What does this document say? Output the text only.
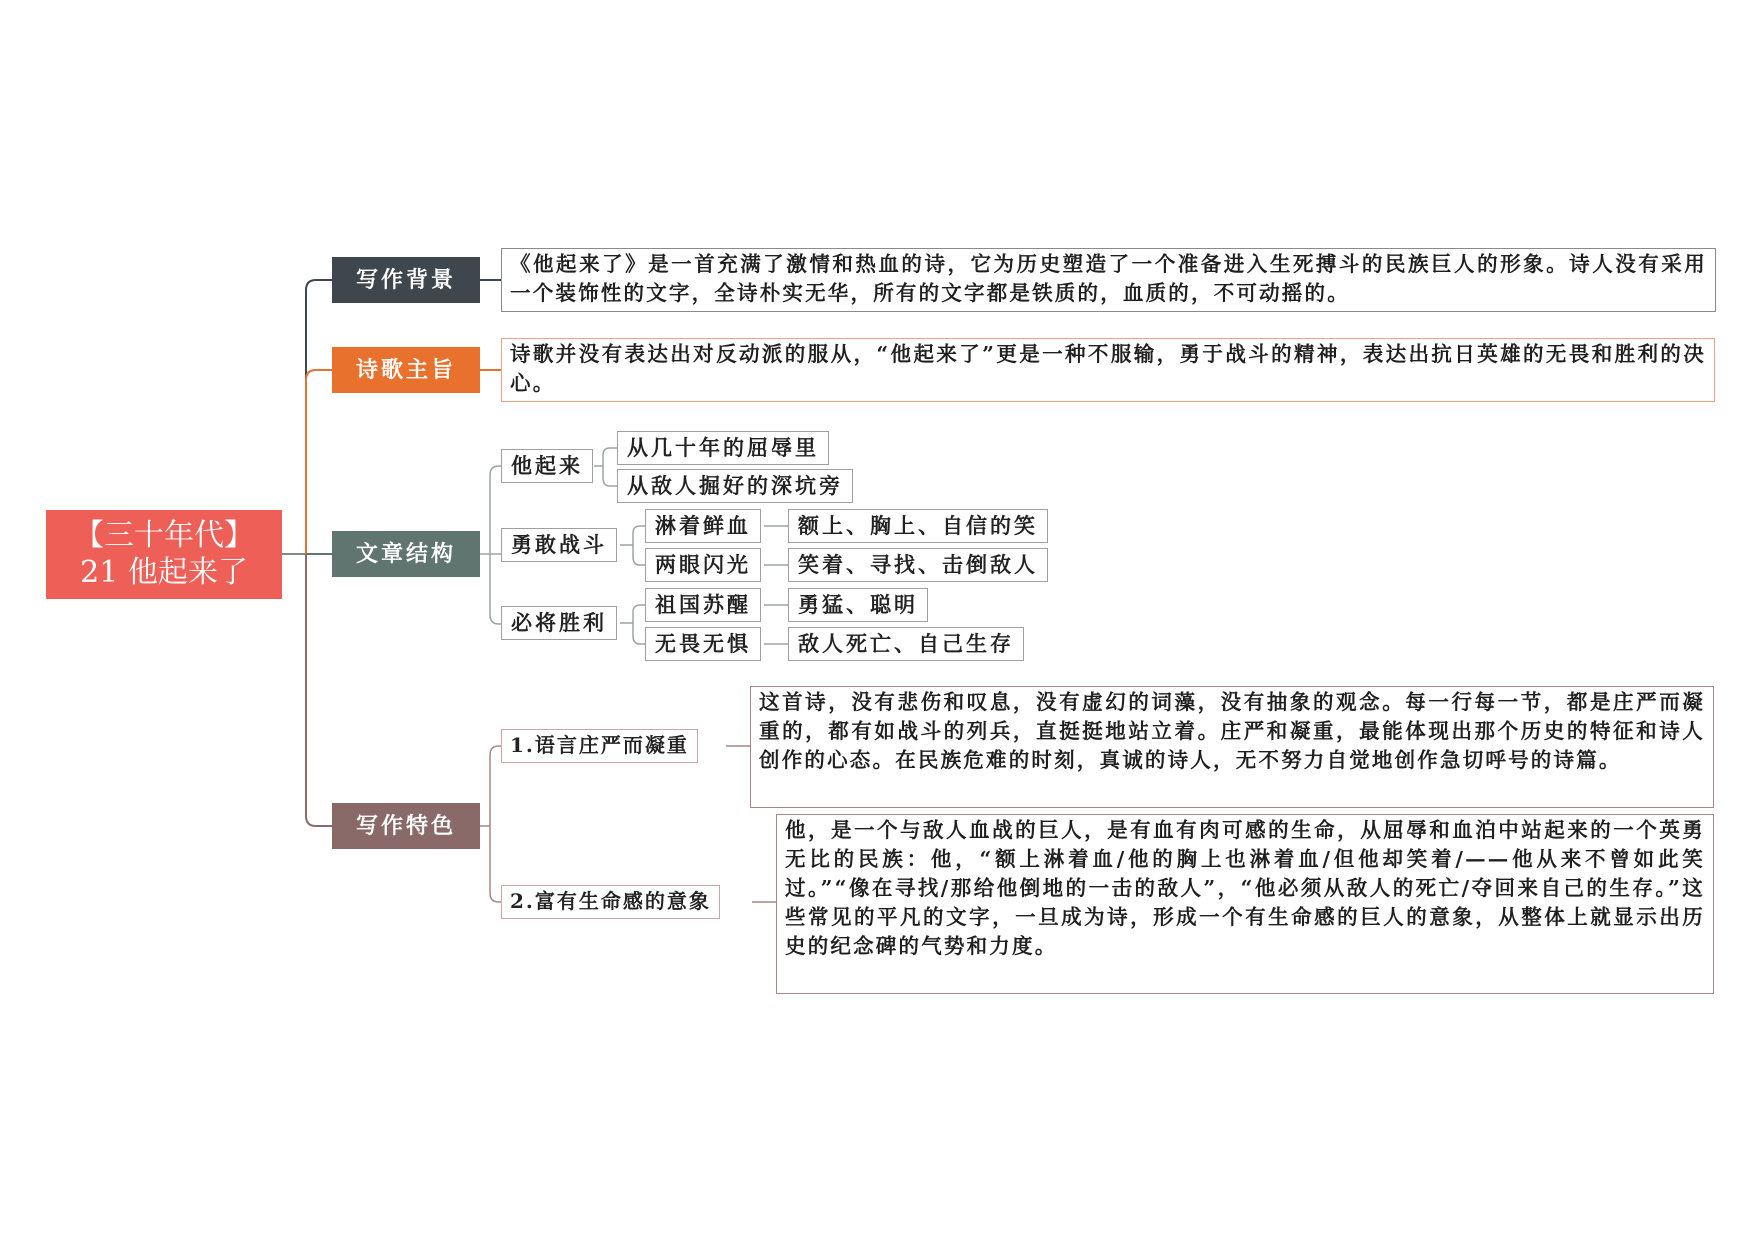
【三十年代】
21 他起来了
写作背景
《他起来了》是一首充满了激情和热血的诗，它为历史塑造了一个准备进入生死搏斗的民族巨人的形象。诗人没有采用一个装饰性的文字，全诗朴实无华，所有的文字都是铁质的，血质的，不可动摇的。
诗歌主旨
诗歌并没有表达出对反动派的服从，“他起来了”更是一种不服输，勇于战斗的精神，表达出抗日英雄的无畏和胜利的决心。
文章结构
他起来
从几十年的屈辱里
从敌人掘好的深坑旁
勇敢战斗
淋着鲜血	额上、胸上、自信的笑
两眼闪光	笑着、寻找、击倒敌人
必将胜利
祖国苏醒	勇猛、聪明
无畏无惧	敌人死亡、自己生存
写作特色
1.语言庄严而凝重
这首诗，没有悲伤和叹息，没有虚幻的词藻，没有抽象的观念。每一行每一节，都是庄严而凝重的，都有如战斗的列兵，直挺挺地站立着。庄严和凝重，最能体现出那个历史的特征和诗人创作的心态。在民族危难的时刻，真诚的诗人，无不努力自觉地创作急切呼号的诗篇。
2.富有生命感的意象
他，是一个与敌人血战的巨人，是有血有肉可感的生命，从屈辱和血泊中站起来的一个英勇无比的民族：他，“额上淋着血/他的胸上也淋着血/但他却笑着/——他从来不曾如此笑过。”“像在寻找/那给他倒地的一击的敌人”，“他必须从敌人的死亡/夺回来自己的生存。”这些常见的平凡的文字，一旦成为诗，形成一个有生命感的巨人的意象，从整体上就显示出历史的纪念碑的气势和力度。
